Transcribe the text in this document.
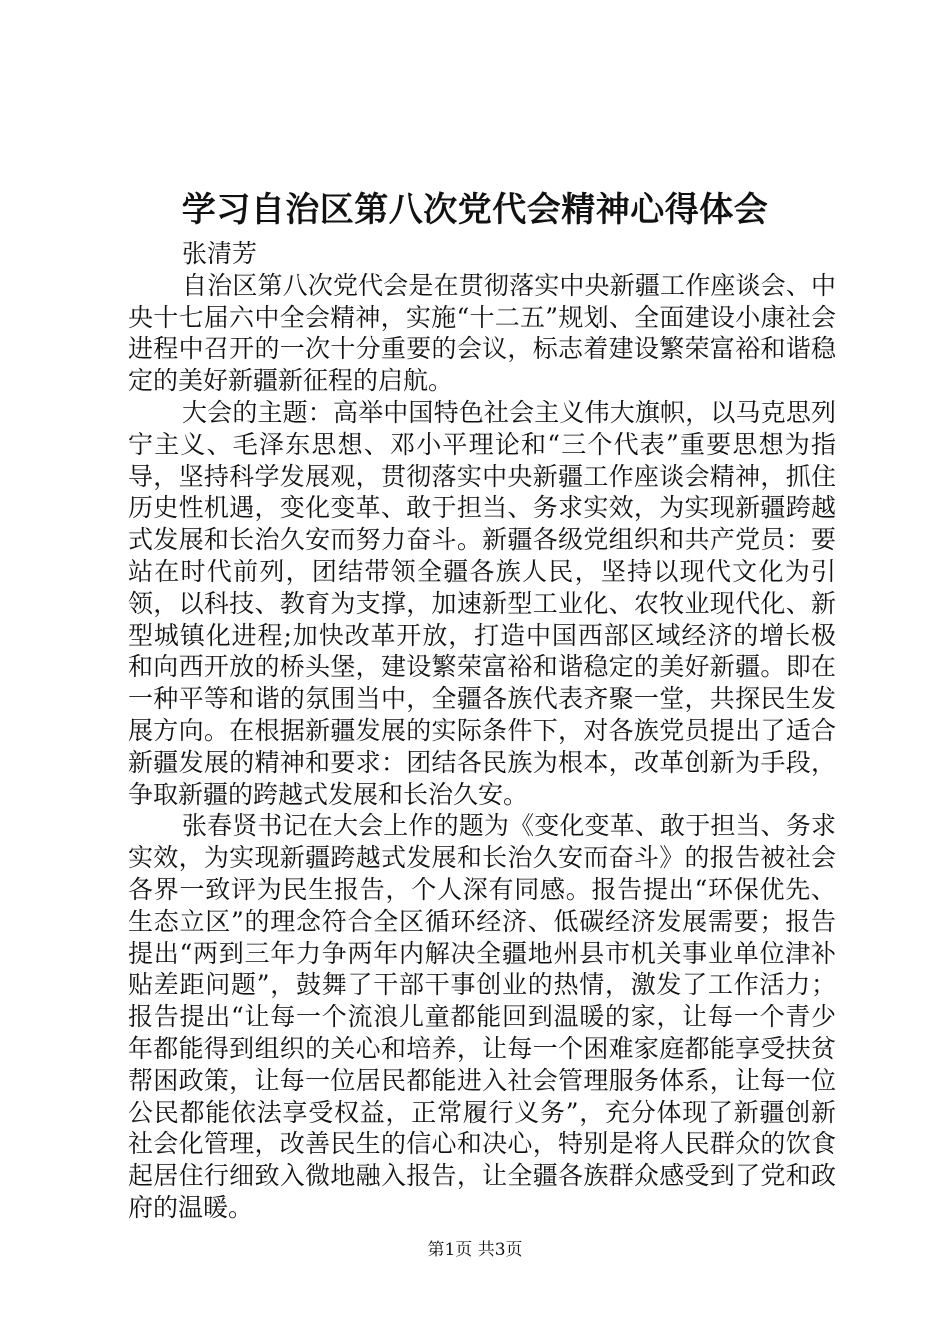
学习自治区第八次党代会精神心得体会

张清芳

自治区第八次党代会是在贯彻落实中央新疆工作座谈会、中央十七届六中全会精神，实施“十二五”规划、全面建设小康社会进程中召开的一次十分重要的会议，标志着建设繁荣富裕和谐稳定的美好新疆新征程的启航。

大会的主题：高举中国特色社会主义伟大旗帜，以马克思列宁主义、毛泽东思想、邓小平理论和“三个代表”重要思想为指导，坚持科学发展观，贯彻落实中央新疆工作座谈会精神，抓住历史性机遇，变化变革、敢于担当、务求实效，为实现新疆跨越式发展和长治久安而努力奋斗。新疆各级党组织和共产党员：要站在时代前列，团结带领全疆各族人民，坚持以现代文化为引领，以科技、教育为支撑，加速新型工业化、农牧业现代化、新型城镇化进程;加快改革开放，打造中国西部区域经济的增长极和向西开放的桥头堡，建设繁荣富裕和谐稳定的美好新疆。即在一种平等和谐的氛围当中，全疆各族代表齐聚一堂，共探民生发展方向。在根据新疆发展的实际条件下，对各族党员提出了适合新疆发展的精神和要求：团结各民族为根本，改革创新为手段，争取新疆的跨越式发展和长治久安。

张春贤书记在大会上作的题为《变化变革、敢于担当、务求实效，为实现新疆跨越式发展和长治久安而奋斗》的报告被社会各界一致评为民生报告，个人深有同感。报告提出“环保优先、生态立区”的理念符合全区循环经济、低碳经济发展需要；报告提出“两到三年力争两年内解决全疆地州县市机关事业单位津补贴差距问题”，鼓舞了干部干事创业的热情，激发了工作活力；报告提出“让每一个流浪儿童都能回到温暖的家，让每一个青少年都能得到组织的关心和培养，让每一个困难家庭都能享受扶贫帮困政策，让每一位居民都能进入社会管理服务体系，让每一位公民都能依法享受权益，正常履行义务”，充分体现了新疆创新社会化管理，改善民生的信心和决心，特别是将人民群众的饮食起居住行细致入微地融入报告，让全疆各族群众感受到了党和政府的温暖。

第1页 共3页
